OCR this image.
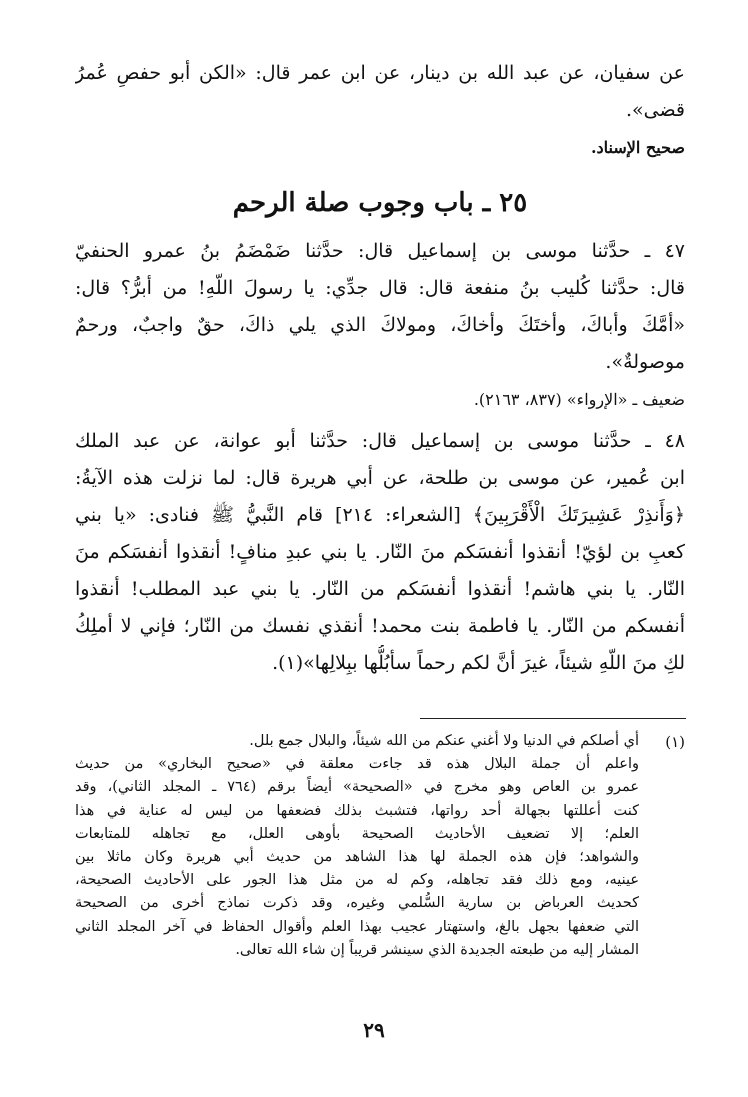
عن سفيان، عن عبد الله بن دينار، عن ابن عمر قال: «الكن أبو حفصِ عُمرُ
قضى».
صحيح الإسناد.
٢٥ ـ باب وجوب صلة الرحم
٤٧ ـ حدَّثنا موسى بن إسماعيل قال: حدَّثنا ضَمْضَمُ بنُ عمرو الحنفيّ
قال: حدَّثنا كُليب بنُ منفعة قال: قال جدِّي: يا رسولَ اللّهِ! من أبرُّ؟ قال:
«أمَّكَ وأباكَ، وأختَكَ وأخاكَ، ومولاكَ الذي يلي ذاكَ، حقٌ واجبٌ، ورحمٌ
موصولةٌ».
ضعيف ـ «الإرواء» (٨٣٧، ٢١٦٣).
٤٨ ـ حدَّثنا موسى بن إسماعيل قال: حدَّثنا أبو عوانة، عن عبد الملك
ابن عُمير، عن موسى بن طلحة، عن أبي هريرة قال: لما نزلت هذه الآيةُ:
﴿وَأَنذِرْ عَشِيرَتَكَ الْأَقْرَبِينَ﴾ [الشعراء: ٢١٤] قام النَّبيُّ ﷺ فنادى: «يا بني
كعبِ بن لؤيّ! أنقذوا أنفسَكم منَ النّار. يا بني عبدِ منافٍ! أنقذوا أنفسَكم منَ
النّار. يا بني هاشم! أنقذوا أنفسَكم من النّار. يا بني عبد المطلب! أنقذوا
أنفسكم من النّار. يا فاطمة بنت محمد! أنقذي نفسك من النّار؛ فإني لا أملِكُ
لكِ منَ اللّهِ شيئاً، غيرَ أنَّ لكم رحماً سأبُلُّها ببِلالِها»(١).
(١)
أي أصلكم في الدنيا ولا أغني عنكم من الله شيئاً، والبلال جمع بلل.
واعلم أن جملة البلال هذه قد جاءت معلقة في «صحيح البخاري» من حديث
عمرو بن العاص وهو مخرج في «الصحيحة» أيضاً برقم (٧٦٤ ـ المجلد الثاني)، وقد
كنت أعللتها بجهالة أحد رواتها، فتشبث بذلك فضعفها من ليس له عناية في هذا
العلم؛ إلا تضعيف الأحاديث الصحيحة بأوهى العلل، مع تجاهله للمتابعات
والشواهد؛ فإن هذه الجملة لها هذا الشاهد من حديث أبي هريرة وكان ماثلا بين
عينيه، ومع ذلك فقد تجاهله، وكم له من مثل هذا الجور على الأحاديث الصحيحة،
كحديث العرباض بن سارية السُّلمي وغيره، وقد ذكرت نماذج أخرى من الصحيحة
التي ضعفها بجهل بالغ، واستهتار عجيب بهذا العلم وأقوال الحفاظ في آخر المجلد الثاني
المشار إليه من طبعته الجديدة الذي سينشر قريباً إن شاء الله تعالى.
٢٩
